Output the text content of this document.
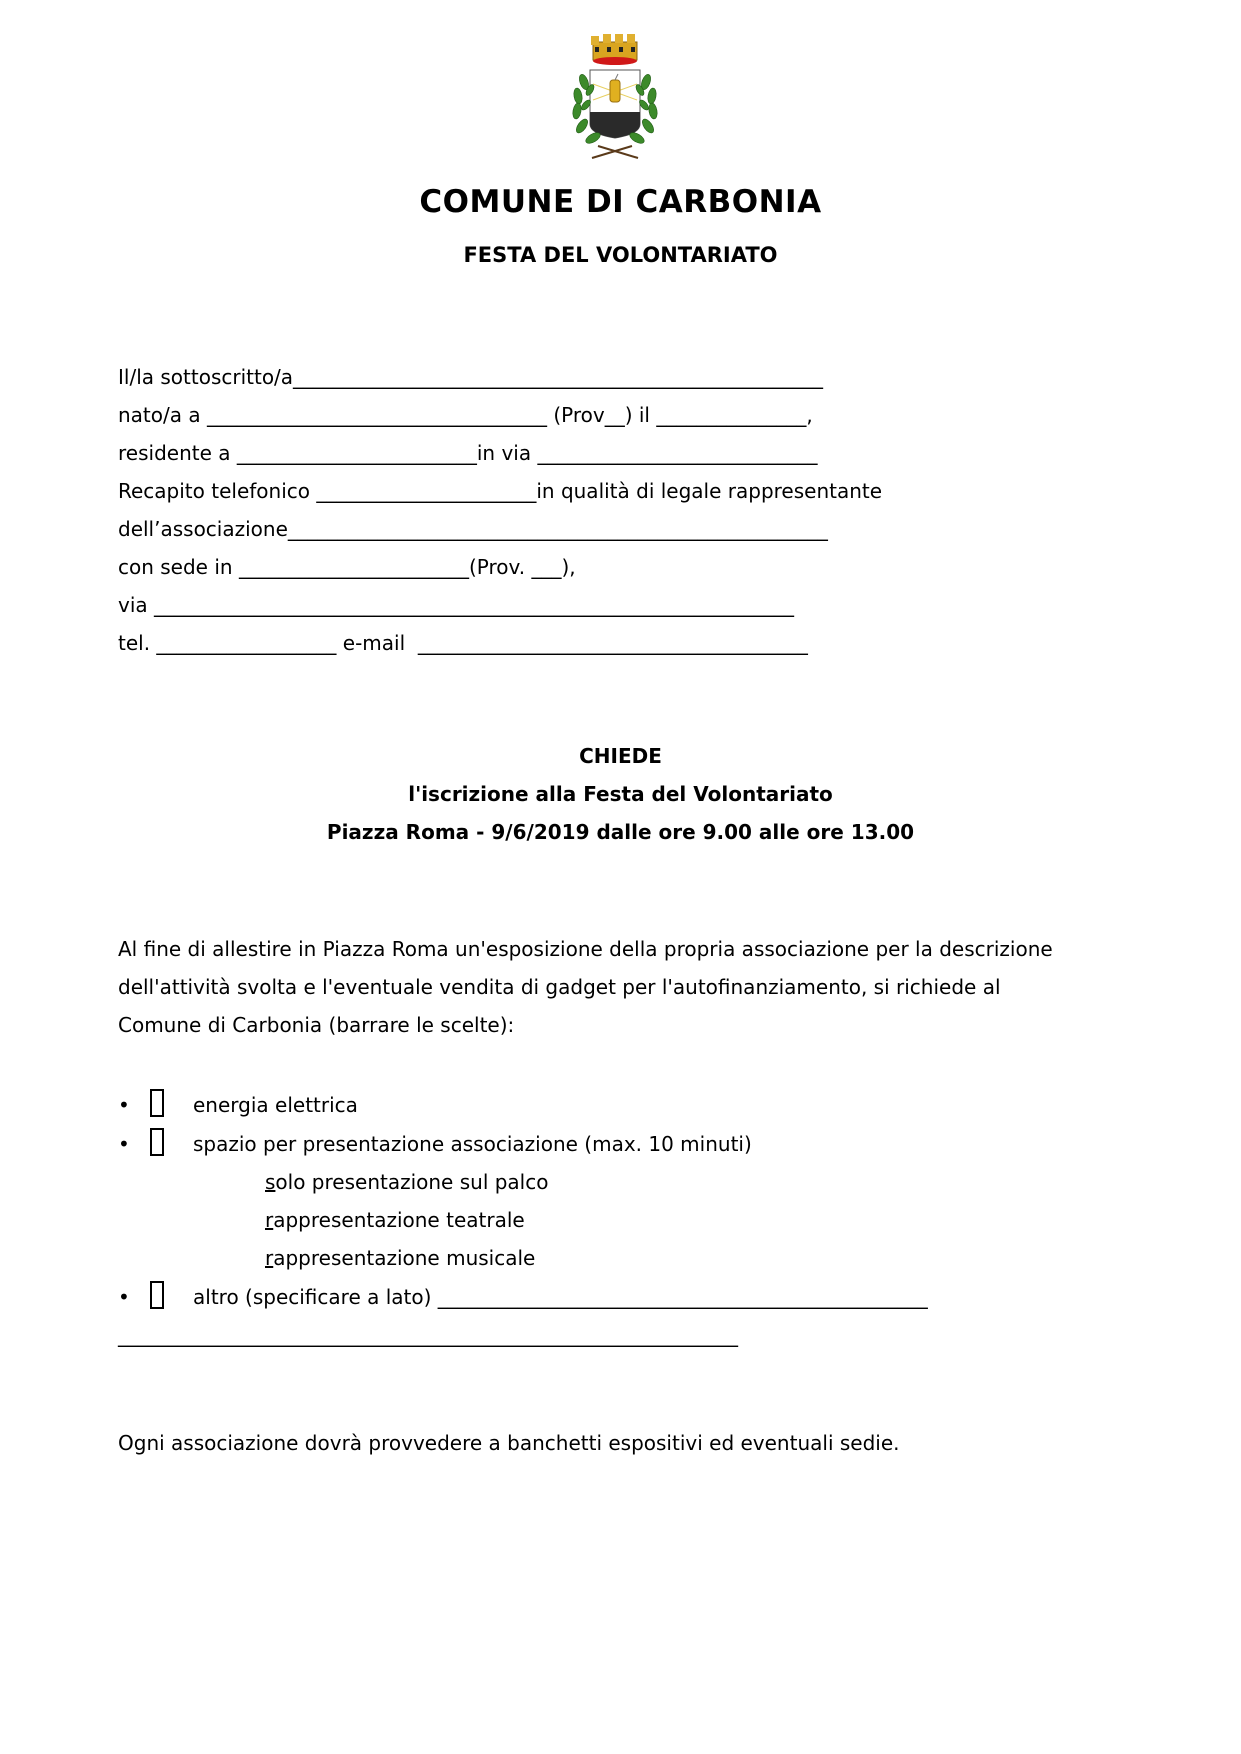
COMUNE DI CARBONIA
FESTA DEL VOLONTARIATO
Il/la sottoscritto/a_____________________________________________________
nato/a a __________________________________ (Prov__) il _______________,
residente a ________________________in via ____________________________
Recapito telefonico ______________________in qualità di legale rappresentante
dell’associazione______________________________________________________
con sede in _______________________(Prov. ___),
via ________________________________________________________________
tel. __________________ e-mail  _______________________________________
CHIEDE
l'iscrizione alla Festa del Volontariato
Piazza Roma - 9/6/2019 dalle ore 9.00 alle ore 13.00
Al fine di allestire in Piazza Roma un'esposizione della propria associazione per la descrizione
dell'attività svolta e l'eventuale vendita di gadget per l'autofinanziamento, si richiede al
Comune di Carbonia (barrare le scelte):
•	energia elettrica
•	spazio per presentazione associazione (max. 10 minuti)
solo presentazione sul palco
rappresentazione teatrale
rappresentazione musicale
•	altro (specificare a lato) _________________________________________________
______________________________________________________________
Ogni associazione dovrà provvedere a banchetti espositivi ed eventuali sedie.
